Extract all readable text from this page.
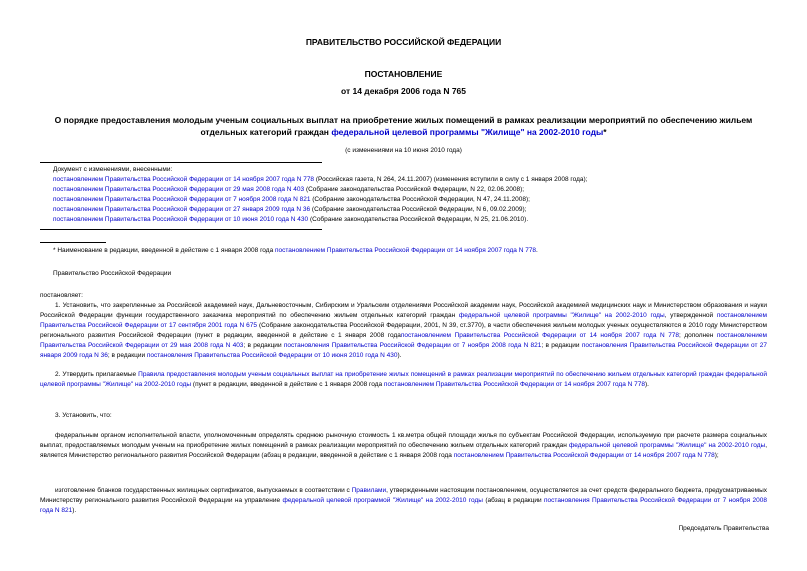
ПРАВИТЕЛЬСТВО РОССИЙСКОЙ ФЕДЕРАЦИИ
ПОСТАНОВЛЕНИЕ
от 14 декабря 2006 года N 765
О порядке предоставления молодым ученым социальных выплат на приобретение жилых помещений в рамках реализации мероприятий по обеспечению жильем отдельных категорий граждан федеральной целевой программы "Жилище" на 2002-2010 годы*
(с изменениями на 10 июня 2010 года)
Документ с изменениями, внесенными:
постановлением Правительства Российской Федерации от 14 ноября 2007 года N 778 (Российская газета, N 264, 24.11.2007) (изменения вступили в силу с 1 января 2008 года);
постановлением Правительства Российской Федерации от 29 мая 2008 года N 403 (Собрание законодательства Российской Федерации, N 22, 02.06.2008);
постановлением Правительства Российской Федерации от 7 ноября 2008 года N 821 (Собрание законодательства Российской Федерации, N 47, 24.11.2008);
постановлением Правительства Российской Федерации от 27 января 2009 года N 36 (Собрание законодательства Российской Федерации, N 6, 09.02.2009);
постановлением Правительства Российской Федерации от 10 июня 2010 года N 430 (Собрание законодательства Российской Федерации, N 25, 21.06.2010).
* Наименование в редакции, введенной в действие с 1 января 2008 года постановлением Правительства Российской Федерации от 14 ноября 2007 года N 778.
Правительство Российской Федерации
постановляет:
1. Установить, что закрепленные за Российской академией наук, Дальневосточным, Сибирским и Уральским отделениями Российской академии наук, Российской академией медицинских наук и Министерством образования и науки Российской Федерации функции государственного заказчика мероприятий по обеспечению жильем отдельных категорий граждан федеральной целевой программы "Жилище" на 2002-2010 годы, утвержденной постановлением Правительства Российской Федерации от 17 сентября 2001 года N 675 (Собрание законодательства Российской Федерации, 2001, N 39, ст.3770), в части обеспечения жильем молодых ученых осуществляются в 2010 году Министерством регионального развития Российской Федерации (пункт в редакции, введенной в действие с 1 января 2008 годапостановлением Правительства Российской Федерации от 14 ноября 2007 года N 778; дополнен постановлением Правительства Российской Федерации от 29 мая 2008 года N 403; в редакции постановления Правительства Российской Федерации от 7 ноября 2008 года N 821; в редакции постановления Правительства Российской Федерации от 27 января 2009 года N 36; в редакции постановления Правительства Российской Федерации от 10 июня 2010 года N 430).
2. Утвердить прилагаемые Правила предоставления молодым ученым социальных выплат на приобретение жилых помещений в рамках реализации мероприятий по обеспечению жильем отдельных категорий граждан федеральной целевой программы "Жилище" на 2002-2010 годы (пункт в редакции, введенной в действие с 1 января 2008 года постановлением Правительства Российской Федерации от 14 ноября 2007 года N 778).
3. Установить, что:
федеральным органом исполнительной власти, уполномоченным определять среднюю рыночную стоимость 1 кв.метра общей площади жилья по субъектам Российской Федерации, используемую при расчете размера социальных выплат, предоставляемых молодым ученым на приобретение жилых помещений в рамках реализации мероприятий по обеспечению жильем отдельных категорий граждан федеральной целевой программы "Жилище" на 2002-2010 годы, является Министерство регионального развития Российской Федерации (абзац в редакции, введенной в действие с 1 января 2008 года постановлением Правительства Российской Федерации от 14 ноября 2007 года N 778);
изготовление бланков государственных жилищных сертификатов, выпускаемых в соответствии с Правилами, утвержденными настоящим постановлением, осуществляется за счет средств федерального бюджета, предусматриваемых Министерству регионального развития Российской Федерации на управление федеральной целевой программой "Жилище" на 2002-2010 годы (абзац в редакции постановления Правительства Российской Федерации от 7 ноября 2008 года N 821).
Председатель Правительства
